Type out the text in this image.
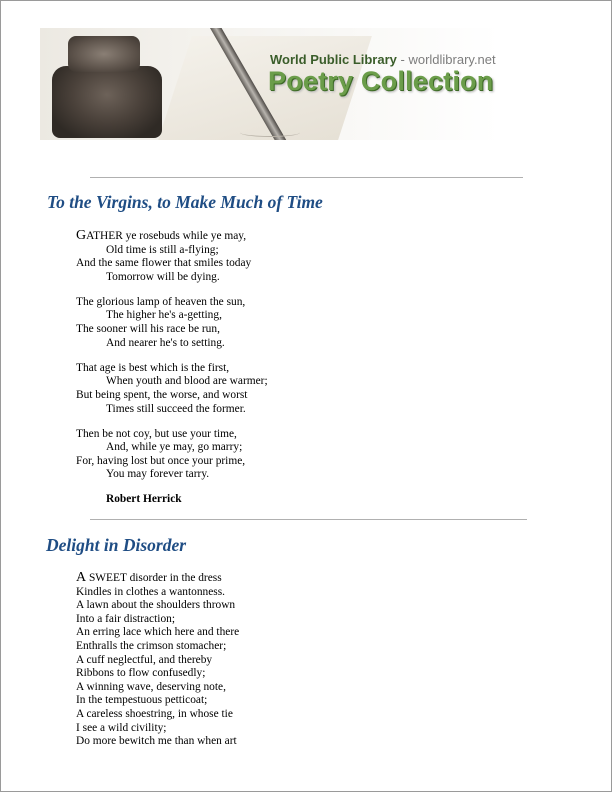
World Public Library - worldlibrary.net
Poetry Collection
To the Virgins, to Make Much of Time
GATHER ye rosebuds while ye may,
Old time is still a-flying;
And the same flower that smiles today
Tomorrow will be dying.
The glorious lamp of heaven the sun,
The higher he's a-getting,
The sooner will his race be run,
And nearer he's to setting.
That age is best which is the first,
When youth and blood are warmer;
But being spent, the worse, and worst
Times still succeed the former.
Then be not coy, but use your time,
And, while ye may, go marry;
For, having lost but once your prime,
You may forever tarry.
Robert Herrick
Delight in Disorder
A SWEET disorder in the dress
Kindles in clothes a wantonness.
A lawn about the shoulders thrown
Into a fair distraction;
An erring lace which here and there
Enthralls the crimson stomacher;
A cuff neglectful, and thereby
Ribbons to flow confusedly;
A winning wave, deserving note,
In the tempestuous petticoat;
A careless shoestring, in whose tie
I see a wild civility;
Do more bewitch me than when art
